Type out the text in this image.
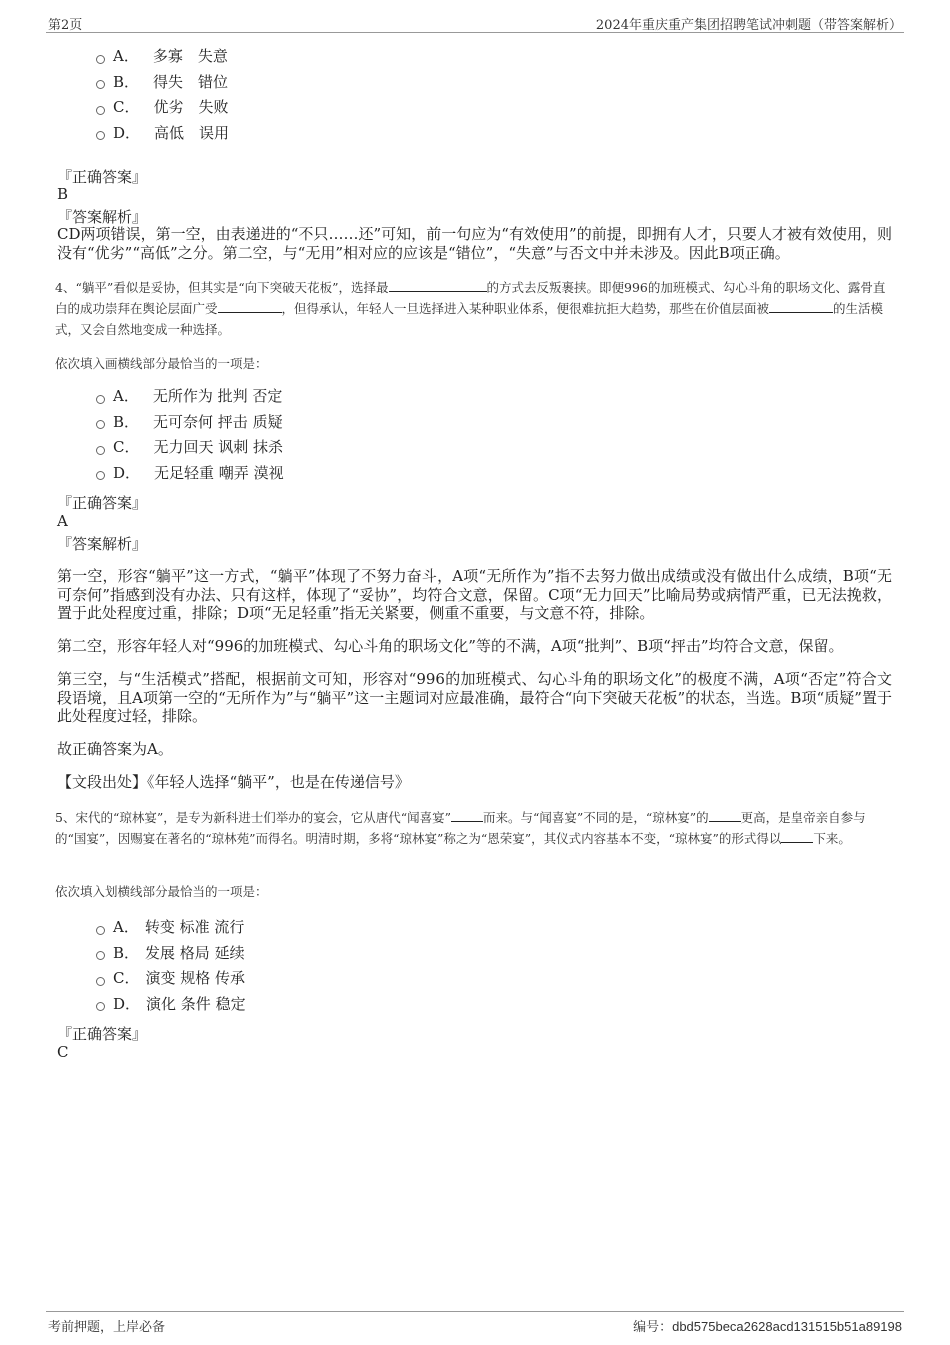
第2页	2024年重庆重产集团招聘笔试冲刺题（带答案解析）
A． 多寡　失意
B． 得失　错位
C． 优劣　失败
D． 高低　误用
『正确答案』
B
『答案解析』
CD两项错误，第一空，由表递进的“不只……还”可知，前一句应为“有效使用”的前提，即拥有人才，只要人才被有效使用，则没有“优劣”“高低”之分。第二空，与“无用”相对应的应该是“错位”，“失意”与否文中并未涉及。因此B项正确。
4、“躺平”看似是妥协，但其实是“向下突破天花板”，选择最	的方式去反叛裹挟。即便996的加班模式、勾心斗角的职场文化、露骨直白的成功崇拜在舆论层面广受	，但得承认，年轻人一旦选择进入某种职业体系，便很难抗拒大趋势，那些在价值层面被	的生活模式，又会自然地变成一种选择。
依次填入画横线部分最恰当的一项是：
A． 无所作为 批判 否定
B． 无可奈何 抨击 质疑
C． 无力回天 讽刺 抹杀
D． 无足轻重 嘲弄 漠视
『正确答案』
A
『答案解析』
第一空，形容“躺平”这一方式，“躺平”体现了不努力奋斗，A项“无所作为”指不去努力做出成绩或没有做出什么成绩，B项“无可奈何”指感到没有办法、只有这样，体现了“妥协”，均符合文意，保留。C项“无力回天”比喻局势或病情严重，已无法挽救，置于此处程度过重，排除；D项“无足轻重”指无关紧要，侧重不重要，与文意不符，排除。
第二空，形容年轻人对“996的加班模式、勾心斗角的职场文化”等的不满，A项“批判”、B项“抨击”均符合文意，保留。
第三空，与“生活模式”搭配，根据前文可知，形容对“996的加班模式、勾心斗角的职场文化”的极度不满，A项“否定”符合文段语境，且A项第一空的“无所作为”与“躺平”这一主题词对应最准确，最符合“向下突破天花板”的状态，当选。B项“质疑”置于此处程度过轻，排除。
故正确答案为A。
【文段出处】《年轻人选择“躺平”，也是在传递信号》
5、宋代的“琼林宴”，是专为新科进士们举办的宴会，它从唐代“闻喜宴”	而来。与“闻喜宴”不同的是，“琼林宴”的	更高，是皇帝亲自参与的“国宴”，因赐宴在著名的“琼林苑”而得名。明清时期，多将“琼林宴”称之为“恩荣宴”，其仪式内容基本不变，“琼林宴”的形式得以	下来。
依次填入划横线部分最恰当的一项是：
A． 转变 标准 流行
B． 发展 格局 延续
C． 演变 规格 传承
D． 演化 条件 稳定
『正确答案』
C
考前押题，上岸必备	编号：dbd575beca2628acd131515b51a89198
